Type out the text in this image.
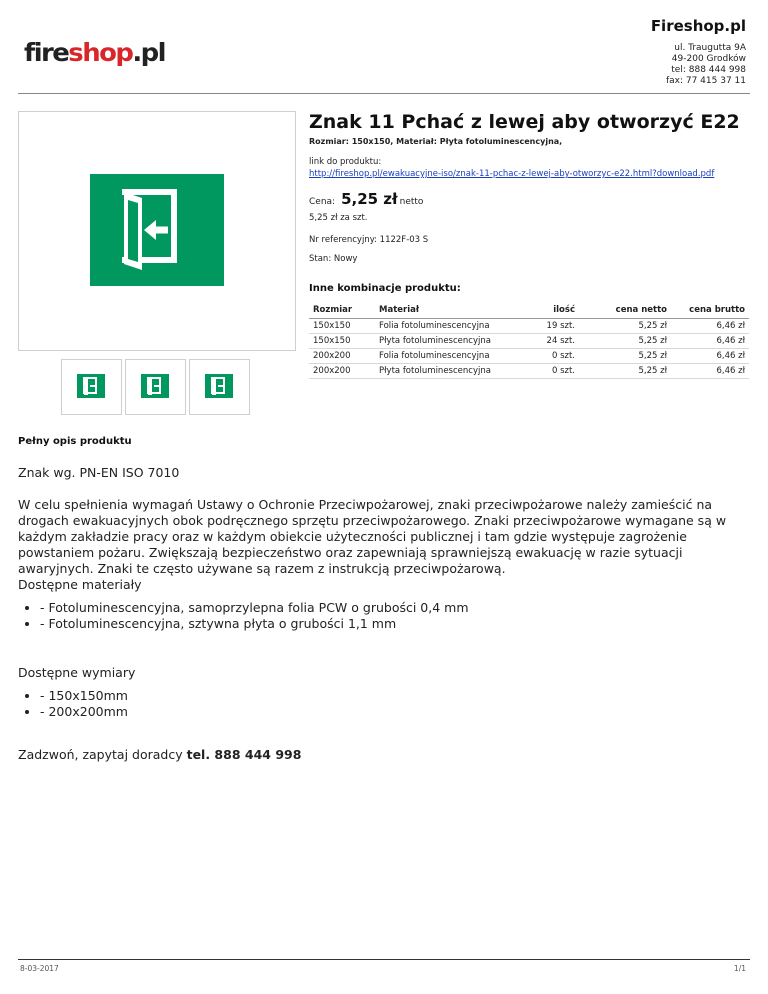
Fireshop.pl
fireshop.pl	ul. Traugutta 9A
49-200 Grodków
tel: 888 444 998
fax: 77 415 37 11
Znak 11 Pchać z lewej aby otworzyć E22
Rozmiar: 150x150, Materiał: Płyta fotoluminescencyjna,
link do produktu:
http://fireshop.pl/ewakuacyjne-iso/znak-11-pchac-z-lewej-aby-otworzyc-e22.html?download.pdf
Cena: 5,25 zł netto
5,25 zł za szt.
Nr referencyjny: 1122F-03 S
Stan: Nowy
Inne kombinacje produktu:
Rozmiar	Materiał	ilość	cena netto	cena brutto
150x150	Folia fotoluminescencyjna	19 szt.	5,25 zł	6,46 zł
150x150	Płyta fotoluminescencyjna	24 szt.	5,25 zł	6,46 zł
200x200	Folia fotoluminescencyjna	0 szt.	5,25 zł	6,46 zł
200x200	Płyta fotoluminescencyjna	0 szt.	5,25 zł	6,46 zł
Pełny opis produktu

Znak wg. PN-EN ISO 7010

W celu spełnienia wymagań Ustawy o Ochronie Przeciwpożarowej, znaki przeciwpożarowe należy zamieścić na drogach ewakuacyjnych obok podręcznego sprzętu przeciwpożarowego. Znaki przeciwpożarowe wymagane są w każdym zakładzie pracy oraz w każdym obiekcie użyteczności publicznej i tam gdzie występuje zagrożenie powstaniem pożaru. Zwiększają bezpieczeństwo oraz zapewniają sprawniejszą ewakuację w razie sytuacji awaryjnych. Znaki te często używane są razem z instrukcją przeciwpożarową.

Dostępne materiały

• - Fotoluminescencyjna, samoprzylepna folia PCW o grubości 0,4 mm
• - Fotoluminescencyjna, sztywna płyta o grubości 1,1 mm

Dostępne wymiary

• - 150x150mm
• - 200x200mm

Zadzwoń, zapytaj doradcy tel. 888 444 998

8-03-2017	1/1
